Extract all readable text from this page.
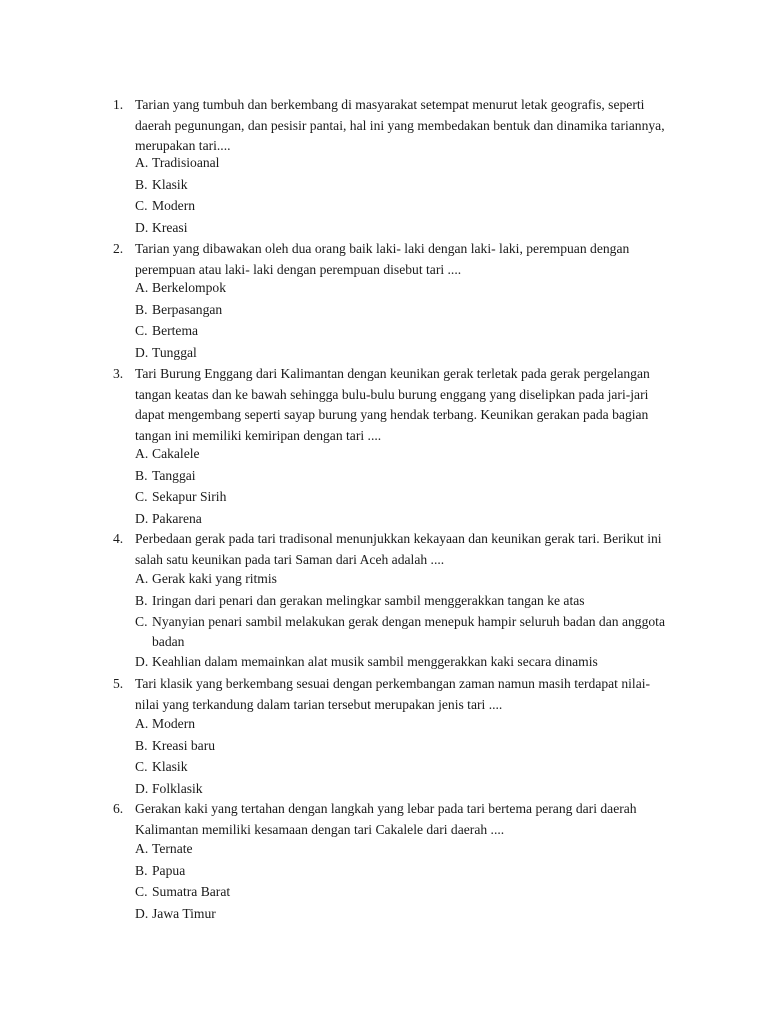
1. Tarian yang tumbuh dan berkembang di masyarakat setempat menurut letak geografis, seperti
daerah pegunungan, dan pesisir pantai, hal ini yang membedakan bentuk dan dinamika tariannya,
merupakan tari....
A. Tradisioanal
B. Klasik
C. Modern
D. Kreasi
2. Tarian yang dibawakan oleh dua orang baik laki- laki dengan laki- laki, perempuan dengan
perempuan atau laki- laki dengan perempuan disebut tari ....
A. Berkelompok
B. Berpasangan
C. Bertema
D. Tunggal
3. Tari Burung Enggang dari Kalimantan dengan keunikan gerak terletak pada gerak pergelangan
tangan keatas dan ke bawah sehingga bulu-bulu burung enggang yang diselipkan pada jari-jari
dapat mengembang seperti sayap burung yang hendak terbang. Keunikan gerakan pada bagian
tangan ini memiliki kemiripan dengan tari ....
A. Cakalele
B. Tanggai
C. Sekapur Sirih
D. Pakarena
4. Perbedaan gerak pada tari tradisonal menunjukkan kekayaan dan keunikan gerak tari. Berikut ini
salah satu keunikan pada tari Saman dari Aceh adalah ....
A. Gerak kaki yang ritmis
B. Iringan dari penari dan gerakan melingkar sambil menggerakkan tangan ke atas
C. Nyanyian penari sambil melakukan gerak dengan menepuk hampir seluruh badan dan anggota
badan
D. Keahlian dalam memainkan alat musik sambil menggerakkan kaki secara dinamis
5. Tari klasik yang berkembang sesuai dengan perkembangan zaman namun masih terdapat nilai-
nilai yang terkandung dalam tarian tersebut merupakan jenis tari ....
A. Modern
B. Kreasi baru
C. Klasik
D. Folklasik
6. Gerakan kaki yang tertahan dengan langkah yang lebar pada tari bertema perang dari daerah
Kalimantan memiliki kesamaan dengan tari Cakalele dari daerah ....
A. Ternate
B. Papua
C. Sumatra Barat
D. Jawa Timur
